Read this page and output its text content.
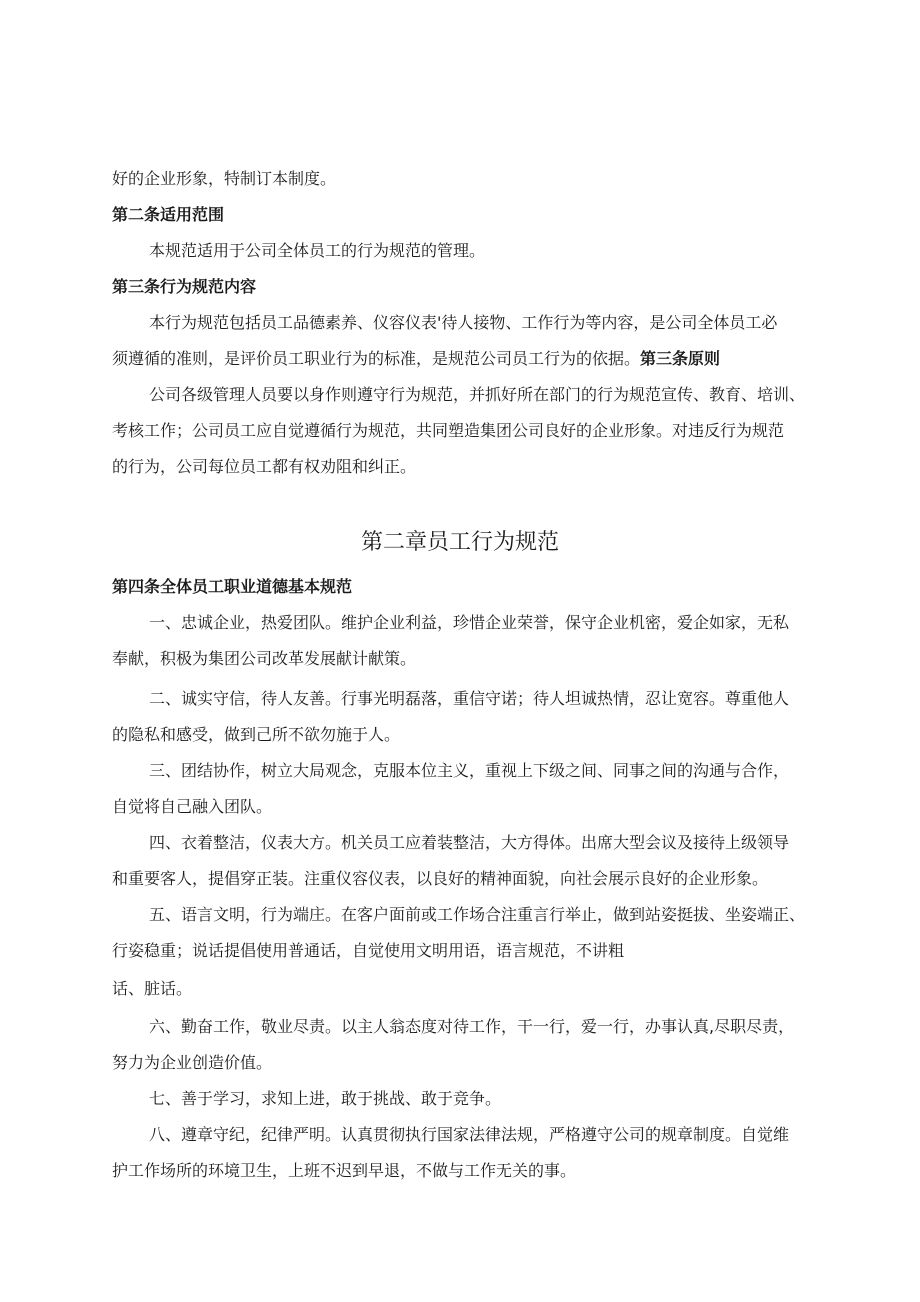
好的企业形象，特制订本制度。
第二条适用范围
本规范适用于公司全体员工的行为规范的管理。
第三条行为规范内容
本行为规范包括员工品德素养、仪容仪表'待人接物、工作行为等内容，是公司全体员工必
须遵循的准则，是评价员工职业行为的标准，是规范公司员工行为的依据。第三条原则
公司各级管理人员要以身作则遵守行为规范，并抓好所在部门的行为规范宣传、教育、培训、
考核工作；公司员工应自觉遵循行为规范，共同塑造集团公司良好的企业形象。对违反行为规范
的行为，公司每位员工都有权劝阻和纠正。
第二章员工行为规范
第四条全体员工职业道德基本规范
一、忠诚企业，热爱团队。维护企业利益，珍惜企业荣誉，保守企业机密，爱企如家，无私
奉献，积极为集团公司改革发展献计献策。
二、诚实守信，待人友善。行事光明磊落，重信守诺；待人坦诚热情，忍让宽容。尊重他人
的隐私和感受，做到己所不欲勿施于人。
三、团结协作，树立大局观念，克服本位主义，重视上下级之间、同事之间的沟通与合作，
自觉将自己融入团队。
四、衣着整洁，仪表大方。机关员工应着装整洁，大方得体。出席大型会议及接待上级领导
和重要客人，提倡穿正装。注重仪容仪表，以良好的精神面貌，向社会展示良好的企业形象。
五、语言文明，行为端庄。在客户面前或工作场合注重言行举止，做到站姿挺拔、坐姿端正、
行姿稳重；说话提倡使用普通话，自觉使用文明用语，语言规范，不讲粗
话、脏话。
六、勤奋工作，敬业尽责。以主人翁态度对待工作，干一行，爱一行，办事认真,尽职尽责，
努力为企业创造价值。
七、善于学习，求知上进，敢于挑战、敢于竞争。
八、遵章守纪，纪律严明。认真贯彻执行国家法律法规，严格遵守公司的规章制度。自觉维
护工作场所的环境卫生，上班不迟到早退，不做与工作无关的事。
